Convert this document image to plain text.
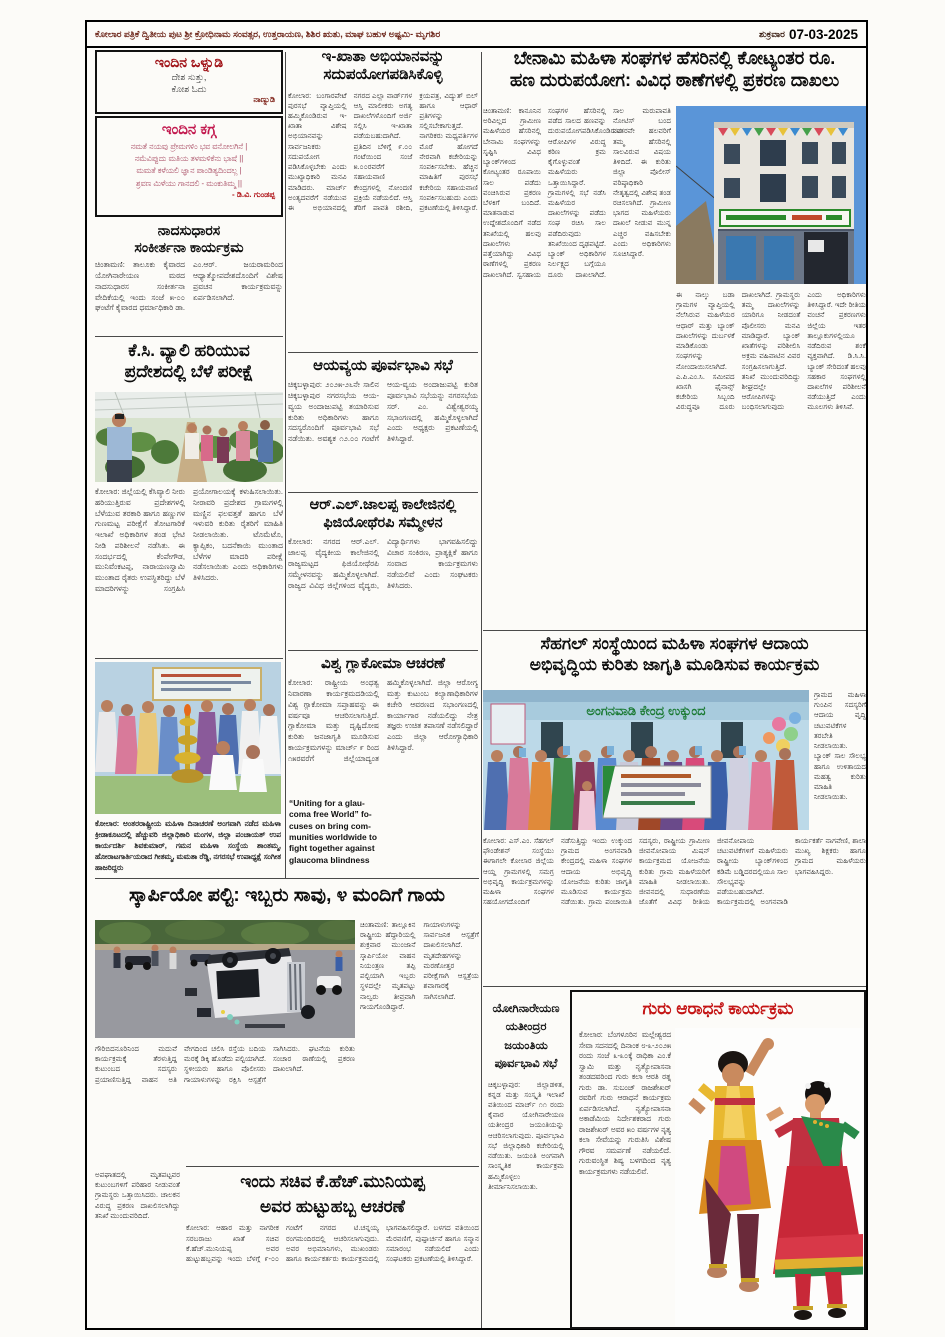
ಕೋಲಾರ ಪತ್ರಿಕೆ ದ್ವಿತೀಯ ಪುಟ ಶ್ರೀ ಕ್ರೋಧಿನಾಮ ಸಂವತ್ಸರ, ಉತ್ತರಾಯಣ, ಶಿಶಿರ ಋತು, ಮಾಘ ಬಹುಳ ಅಷ್ಟಮಿ- ಮೃಗಶಿರ	ಶುಕ್ರವಾರ 07-03-2025
ಇಂದಿನ ಒಳ್ನುಡಿ
ದೇಶ ಸುತ್ತು,
ಕೋಶ ಓದು
ನಾಣ್ನುಡಿ
ಇಂದಿನ ಕಗ್ಗ
ನಮತೆ ನಯವು ಪ್ರೇಮಗಳಿಂ ಭವ ವನೋಲಗಿನೆ |
ನಮೆವಿಪ್ಪುದು ಮತಿಯ ತಳಮಳಿಕೆನು ಭಾಷೆ ||
ಮಮತೆ ಕಳೆಯಲಿ ಜ್ಞಾನ ಪಾಂಡಿತ್ಯದಿಂದಲ್ಲ |
ಶ್ರವಣ ಮಿಳೆಯು ಗಾನದಲಿ - ಮಂಕುತಿಮ್ಮ ||
- ಡಿ.ವಿ. ಗುಂಡಪ್ಪ
ನಾದಸುಧಾರಸ
ಸಂಕೀರ್ತನಾ ಕಾರ್ಯಕ್ರಮ
ಚಿಂತಾಮಣಿ: ತಾಲೂಕು ಕೈವಾರದ ಯೋಗಿನಾರೇಯಣ ಮಠದ ನಾದಸುಧಾರಸ ಸಂಕೀರ್ತನಾ ವೇದಿಕೆಯಲ್ಲಿ ಇಂದು ಸಂಜೆ ೫-೦೦ ಘಂಟೆಗೆ ಕೈವಾರದ ಧರ್ಮಾಧಿಕಾರಿ ಡಾ. ಎಂ.ಆರ್. ಜಯರಾಮರಿಂದ ಆಧ್ಯಾತ್ಮೋಪದೇಶದೊಂದಿಗೆ ವಿಶೇಷ ಪ್ರವಚನ ಕಾರ್ಯಕ್ರಮವನ್ನು ಏರ್ಪಡಿಸಲಾಗಿದೆ.
ಕೆ.ಸಿ. ವ್ಯಾಲಿ ಹರಿಯುವ
ಪ್ರದೇಶದಲ್ಲಿ ಬೆಳೆ ಪರೀಕ್ಷೆ
ಕೋಲಾರ: ಜಿಲ್ಲೆಯಲ್ಲಿ ಕೆಸಿವ್ಯಾಲಿ ನೀರು ಹರಿಯುತ್ತಿರುವ ಪ್ರದೇಶಗಳಲ್ಲಿ ಬೆಳೆಯುವ ತರಕಾರಿ ಹಾಗೂ ಹಣ್ಣುಗಳ ಗುಣಮಟ್ಟ ಪರೀಕ್ಷೆಗೆ ತೋಟಗಾರಿಕೆ ಇಲಾಖೆ ಅಧಿಕಾರಿಗಳ ತಂಡ ಭೇಟಿ ನೀಡಿ ಪರಿಶೀಲನೆ ನಡೆಸಿತು. ಈ ಸಂದರ್ಭದಲ್ಲಿ ಕೆಂಪೇಗೌಡ, ಮುನಿವೆಂಕಟಪ್ಪ, ನಾರಾಯಣಸ್ವಾಮಿ ಮುಂತಾದ ರೈತರು ಉಪಸ್ಥಿತರಿದ್ದು ಬೆಳೆ ಮಾದರಿಗಳನ್ನು ಸಂಗ್ರಹಿಸಿ ಪ್ರಯೋಗಾಲಯಕ್ಕೆ ಕಳುಹಿಸಲಾಯಿತು. ನೀರಾವರಿ ಪ್ರದೇಶದ ಗ್ರಾಮಗಳಲ್ಲಿ ಮಣ್ಣಿನ ಫಲವತ್ತತೆ ಹಾಗೂ ಬೆಳೆ ಇಳುವರಿ ಕುರಿತು ರೈತರಿಗೆ ಮಾಹಿತಿ ನೀಡಲಾಯಿತು. ಟೊಮೆಟೊ, ಕ್ಯಾಪ್ಸಿಕಂ, ಬದನೆಕಾಯಿ ಮುಂತಾದ ಬೆಳೆಗಳ ಮಾದರಿ ಪರೀಕ್ಷೆ ನಡೆಸಲಾಯಿತು ಎಂದು ಅಧಿಕಾರಿಗಳು ತಿಳಿಸಿದರು.
ಕೋಲಾರ: ಅಂತರರಾಷ್ಟ್ರೀಯ ಮಹಿಳಾ ದಿನಾಚರಣೆ ಅಂಗವಾಗಿ ನಡೆದ ಮಹಿಳಾ ಕ್ರೀಡಾಕೂಟದಲ್ಲಿ ಹೆಚ್ಚುವರಿ ಜಿಲ್ಲಾಧಿಕಾರಿ ಮಂಗಳ, ಜಿಲ್ಲಾ ಪಂಚಾಯತ್ ಉಪ ಕಾರ್ಯದರ್ಶಿ ಶಿವಕುಮಾರ್, ಗಮನ ಮಹಿಳಾ ಸಂಸ್ಥೆಯ ಶಾಂತಮ್ಮ, ಹೋರಾಟಗಾರ್ತಿಯರಾದ ಗೀತಮ್ಮ, ಮಮತಾ ರೆಡ್ಡಿ, ನಗರಸಭೆ ಉಪಾಧ್ಯಕ್ಷೆ ಸಂಗೀತ ಹಾಜರಿದ್ದರು
ಇ-ಖಾತಾ ಅಭಿಯಾನವನ್ನು
ಸದುಪಯೋಗಪಡಿಸಿಕೊಳ್ಳಿ
ಕೋಲಾರ: ಬಂಗಾರಪೇಟೆ ಪುರಸಭೆ ವ್ಯಾಪ್ತಿಯಲ್ಲಿ ಹಮ್ಮಿಕೊಂಡಿರುವ ಇ-ಖಾತಾ ವಿಶೇಷ ಅಭಿಯಾನವನ್ನು ಸಾರ್ವಜನಿಕರು ಸದುಪಯೋಗ ಪಡಿಸಿಕೊಳ್ಳಬೇಕು ಎಂದು ಮುಖ್ಯಾಧಿಕಾರಿ ಮನವಿ ಮಾಡಿದರು. ಮಾರ್ಚ್ ಅಂತ್ಯದವರೆಗೆ ನಡೆಯುವ ಈ ಅಭಿಯಾನದಲ್ಲಿ ನಗರದ ಎಲ್ಲಾ ವಾರ್ಡ್‌ಗಳ ಆಸ್ತಿ ಮಾಲೀಕರು ಅಗತ್ಯ ದಾಖಲೆಗಳೊಂದಿಗೆ ಅರ್ಜಿ ಸಲ್ಲಿಸಿ ಇ-ಖಾತಾ ಪಡೆಯಬಹುದಾಗಿದೆ. ಪ್ರತಿದಿನ ಬೆಳಿಗ್ಗೆ ೯.೦೦ ಗಂಟೆಯಿಂದ ಸಂಜೆ ೫.೦೦ರವರೆಗೆ ಸಹಾಯವಾಣಿ ಕೇಂದ್ರಗಳಲ್ಲಿ ನೋಂದಣಿ ಪ್ರಕ್ರಿಯೆ ನಡೆಯಲಿದೆ. ಆಸ್ತಿ ತೆರಿಗೆ ಪಾವತಿ ರಶೀದಿ, ಕ್ರಯಪತ್ರ, ವಿದ್ಯುತ್ ಬಿಲ್ ಹಾಗೂ ಆಧಾರ್ ಪ್ರತಿಗಳನ್ನು ಸಲ್ಲಿಸಬೇಕಾಗುತ್ತದೆ. ನಾಗರಿಕರು ಮಧ್ಯವರ್ತಿಗಳ ಮೊರೆ ಹೋಗದೆ ನೇರವಾಗಿ ಕಚೇರಿಯನ್ನು ಸಂಪರ್ಕಿಸಬೇಕು. ಹೆಚ್ಚಿನ ಮಾಹಿತಿಗೆ ಪುರಸಭೆ ಕಚೇರಿಯ ಸಹಾಯವಾಣಿ ಸಂಪರ್ಕಿಸಬಹುದು ಎಂದು ಪ್ರಕಟಣೆಯಲ್ಲಿ ತಿಳಿಸಿದ್ದಾರೆ.
ಆಯವ್ಯಯ ಪೂರ್ವಭಾವಿ ಸಭೆ
ಚಿಕ್ಕಬಳ್ಳಾಪುರ: ೨೦೨೫-೨೬ನೇ ಸಾಲಿನ ಚಿಕ್ಕಬಳ್ಳಾಪುರ ನಗರಸಭೆಯ ಆಯ-ವ್ಯಯ ಅಂದಾಜುಪಟ್ಟಿ ತಯಾರಿಸುವ ಕುರಿತು ಅಧಿಕಾರಿಗಳು ಹಾಗೂ ಸದಸ್ಯರೊಂದಿಗೆ ಪೂರ್ವಭಾವಿ ಸಭೆ ನಡೆಯಿತು. ಅವಶ್ಯಕ ೧೨.೦೦ ಗಂಟೆಗೆ ಆಯ-ವ್ಯಯ ಅಂದಾಜುಪಟ್ಟಿ ಕುರಿತ ಪೂರ್ವಭಾವಿ ಸಭೆಯನ್ನು ನಗರಸಭೆಯ ಸರ್. ಎಂ. ವಿಶ್ವೇಶ್ವರಯ್ಯ ಸಭಾಂಗಣದಲ್ಲಿ ಹಮ್ಮಿಕೊಳ್ಳಲಾಗಿದೆ ಎಂದು ಅಧ್ಯಕ್ಷರು ಪ್ರಕಟಣೆಯಲ್ಲಿ ತಿಳಿಸಿದ್ದಾರೆ.
ಆರ್.ಎಲ್.ಜಾಲಪ್ಪ ಕಾಲೇಜಿನಲ್ಲಿ
ಫಿಜಿಯೋಥೆರಪಿ ಸಮ್ಮೇಳನ
ಕೋಲಾರ: ನಗರದ ಆರ್.ಎಲ್. ಜಾಲಪ್ಪ ವೈದ್ಯಕೀಯ ಕಾಲೇಜಿನಲ್ಲಿ ರಾಜ್ಯಮಟ್ಟದ ಫಿಜಿಯೋಥೆರಪಿ ಸಮ್ಮೇಳನವನ್ನು ಹಮ್ಮಿಕೊಳ್ಳಲಾಗಿದೆ. ರಾಜ್ಯದ ವಿವಿಧ ಜಿಲ್ಲೆಗಳಿಂದ ವೈದ್ಯರು, ವಿದ್ಯಾರ್ಥಿಗಳು ಭಾಗವಹಿಸಲಿದ್ದು ವಿಚಾರ ಸಂಕಿರಣ, ಪ್ರಾತ್ಯಕ್ಷಿಕೆ ಹಾಗೂ ಸಂವಾದ ಕಾರ್ಯಕ್ರಮಗಳು ನಡೆಯಲಿವೆ ಎಂದು ಸಂಘಟಕರು ತಿಳಿಸಿದರು.
ವಿಶ್ವ ಗ್ಲಾಕೋಮಾ ಆಚರಣೆ
ಕೋಲಾರ: ರಾಷ್ಟ್ರೀಯ ಅಂಧತ್ವ ನಿವಾರಣಾ ಕಾರ್ಯಕ್ರಮದಡಿಯಲ್ಲಿ ವಿಶ್ವ ಗ್ಲಾಕೋಮಾ ಸಪ್ತಾಹವನ್ನು ಈ ವರ್ಷವೂ ಆಚರಿಸಲಾಗುತ್ತಿದೆ. ಗ್ಲಾಕೋಮಾ ಮತ್ತು ದೃಷ್ಟಿದೋಷ ಕುರಿತು ಜನಜಾಗೃತಿ ಮೂಡಿಸುವ ಕಾರ್ಯಕ್ರಮಗಳನ್ನು ಮಾರ್ಚ್ ೯ ರಿಂದ ೧೫ರವರೆಗೆ ಜಿಲ್ಲೆಯಾದ್ಯಂತ ಹಮ್ಮಿಕೊಳ್ಳಲಾಗಿದೆ. ಜಿಲ್ಲಾ ಆರೋಗ್ಯ ಮತ್ತು ಕುಟುಂಬ ಕಲ್ಯಾಣಾಧಿಕಾರಿಗಳ ಕಚೇರಿ ಆವರಣದ ಸಭಾಂಗಣದಲ್ಲಿ ಕಾರ್ಯಾಗಾರ ನಡೆಯಲಿದ್ದು ನೇತ್ರ ತಜ್ಞರು ಉಚಿತ ತಪಾಸಣೆ ನಡೆಸಲಿದ್ದಾರೆ ಎಂದು ಜಿಲ್ಲಾ ಆರೋಗ್ಯಾಧಿಕಾರಿ ತಿಳಿಸಿದ್ದಾರೆ.
“Uniting for a glau-coma free World” fo-cuses on bring com-munities worldwide to fight together against glaucoma blindness
ಬೇನಾಮಿ ಮಹಿಳಾ ಸಂಘಗಳ ಹೆಸರಿನಲ್ಲಿ ಕೋಟ್ಯಂತರ ರೂ.
ಹಣ ದುರುಪಯೋಗ: ವಿವಿಧ ಠಾಣೆಗಳಲ್ಲಿ ಪ್ರಕರಣ ದಾಖಲು
ಚಿಂತಾಮಣಿ: ಕಾನೂನಿನ ಅರಿವಿಲ್ಲದ ಗ್ರಾಮೀಣ ಮಹಿಳೆಯರ ಹೆಸರಿನಲ್ಲಿ ಬೇನಾಮಿ ಸಂಘಗಳನ್ನು ಸೃಷ್ಟಿಸಿ ವಿವಿಧ ಬ್ಯಾಂಕ್‌ಗಳಿಂದ ಕೋಟ್ಯಂತರ ರೂಪಾಯಿ ಸಾಲ ಪಡೆದು ವಂಚಿಸಿರುವ ಪ್ರಕರಣ ಬೆಳಕಿಗೆ ಬಂದಿದೆ. ಮಾತನಾಡುವ ಉದ್ದೇಶದೊಂದಿಗೆ ನಡೆದ ತನಿಖೆಯಲ್ಲಿ ಹಲವು ದಾಖಲೆಗಳು ಪತ್ತೆಯಾಗಿದ್ದು ವಿವಿಧ ಠಾಣೆಗಳಲ್ಲಿ ಪ್ರಕರಣ ದಾಖಲಾಗಿದೆ. ಸ್ವಸಹಾಯ ಸಂಘಗಳ ಹೆಸರಿನಲ್ಲಿ ಪಡೆದ ಸಾಲದ ಹಣವನ್ನು ದುರುಪಯೋಗಪಡಿಸಿಕೊಂಡಿರುವ ಆರೋಪಿಗಳ ವಿರುದ್ಧ ಕಠಿಣ ಕ್ರಮ ಕೈಗೊಳ್ಳುವಂತೆ ಮಹಿಳೆಯರು ಒತ್ತಾಯಿಸಿದ್ದಾರೆ. ಗ್ರಾಮಗಳಲ್ಲಿ ಸಭೆ ನಡೆಸಿ ಮಹಿಳೆಯರ ದಾಖಲೆಗಳನ್ನು ಪಡೆದು ಸಂಘ ರಚಿಸಿ ಸಾಲ ಪಡೆದಿರುವುದು ತನಿಖೆಯಿಂದ ದೃಢಪಟ್ಟಿದೆ. ಬ್ಯಾಂಕ್ ಅಧಿಕಾರಿಗಳ ನಿರ್ಲಕ್ಷ್ಯದ ಬಗ್ಗೆಯೂ ದೂರು ದಾಖಲಾಗಿದೆ. ಸಾಲ ಮರುಪಾವತಿ ನೋಟಿಸ್ ಬಂದ ನಂತರವೇ ಹಲವರಿಗೆ ತಮ್ಮ ಹೆಸರಿನಲ್ಲಿ ಸಾಲವಿರುವ ವಿಷಯ ತಿಳಿದಿದೆ. ಈ ಕುರಿತು ಜಿಲ್ಲಾ ಪೊಲೀಸ್ ವರಿಷ್ಠಾಧಿಕಾರಿ ನೇತೃತ್ವದಲ್ಲಿ ವಿಶೇಷ ತಂಡ ರಚಿಸಲಾಗಿದೆ. ಗ್ರಾಮೀಣ ಭಾಗದ ಮಹಿಳೆಯರು ದಾಖಲೆ ನೀಡುವ ಮುನ್ನ ಎಚ್ಚರ ವಹಿಸಬೇಕು ಎಂದು ಅಧಿಕಾರಿಗಳು ಸೂಚಿಸಿದ್ದಾರೆ.
ಈ ನಾಲ್ಕು ಬಡಾ ಗ್ರಾಮಗಳ ವ್ಯಾಪ್ತಿಯಲ್ಲಿ ನೆಲೆಸಿರುವ ಮಹಿಳೆಯರ ಆಧಾರ್ ಮತ್ತು ಬ್ಯಾಂಕ್ ದಾಖಲೆಗಳನ್ನು ದುರ್ಬಳಕೆ ಮಾಡಿಕೊಂಡು ಸಂಘಗಳನ್ನು ನೋಂದಾಯಿಸಲಾಗಿದೆ. ಎ.ಪಿ.ಎಂ.ಸಿ. ಸಮೀಪದ ಖಾಸಗಿ ಫೈನಾನ್ಸ್ ಕಚೇರಿಯ ಸಿಬ್ಬಂದಿ ವಿರುದ್ಧವೂ ದೂರು ದಾಖಲಾಗಿದೆ. ಗ್ರಾಮಸ್ಥರು ತಮ್ಮ ದಾಖಲೆಗಳನ್ನು ಯಾರಿಗೂ ನೀಡದಂತೆ ಪೊಲೀಸರು ಮನವಿ ಮಾಡಿದ್ದಾರೆ. ಬ್ಯಾಂಕ್ ಖಾತೆಗಳನ್ನು ಪರಿಶೀಲಿಸಿ ಅಕ್ರಮ ವಹಿವಾಟಿನ ವಿವರ ಸಂಗ್ರಹಿಸಲಾಗುತ್ತಿದೆ. ತನಿಖೆ ಮುಂದುವರಿದಿದ್ದು ಶೀಘ್ರದಲ್ಲೇ ಆರೋಪಿಗಳನ್ನು ಬಂಧಿಸಲಾಗುವುದು ಎಂದು ಅಧಿಕಾರಿಗಳು ತಿಳಿಸಿದ್ದಾರೆ. ಇದೇ ರೀತಿಯ ವಂಚನೆ ಪ್ರಕರಣಗಳು ಜಿಲ್ಲೆಯ ಇತರ ತಾಲ್ಲೂಕುಗಳಲ್ಲಿಯೂ ನಡೆದಿರುವ ಶಂಕೆ ವ್ಯಕ್ತವಾಗಿದೆ. ಡಿ.ಸಿ.ಸಿ. ಬ್ಯಾಂಕ್ ಸೇರಿದಂತೆ ಹಲವು ಸಹಕಾರ ಸಂಘಗಳಲ್ಲಿ ದಾಖಲೆಗಳ ಪರಿಶೀಲನೆ ನಡೆಯುತ್ತಿದೆ ಎಂದು ಮೂಲಗಳು ತಿಳಿಸಿವೆ.
ಸೆಹಗಲ್ ಸಂಸ್ಥೆಯಿಂದ ಮಹಿಳಾ ಸಂಘಗಳ ಆದಾಯ
ಅಭಿವೃದ್ಧಿಯ ಕುರಿತು ಜಾಗೃತಿ ಮೂಡಿಸುವ ಕಾರ್ಯಕ್ರಮ
ಅಂಗನವಾಡಿ ಕೇಂದ್ರ ಉಕ್ಕುಂದ
ಗ್ರಾಮದ ಮಹಿಳಾ ಗುಂಪಿನ ಸದಸ್ಯರಿಗೆ ಆದಾಯ ವೃದ್ಧಿ ಚಟುವಟಿಕೆಗಳ ತರಬೇತಿ ನೀಡಲಾಯಿತು. ಬ್ಯಾಂಕ್ ಸಾಲ ಸೌಲಭ್ಯ ಹಾಗೂ ಉಳಿತಾಯದ ಮಹತ್ವ ಕುರಿತು ಮಾಹಿತಿ ನೀಡಲಾಯಿತು.
ಕೋಲಾರ: ಎಸ್.ಎಂ. ಸೆಹಗಲ್ ಫೌಂಡೇಶನ್ ಸಂಸ್ಥೆಯು ಈಗಾಗಲೇ ಕೋಲಾರ ಜಿಲ್ಲೆಯ ಆಯ್ದ ಗ್ರಾಮಗಳಲ್ಲಿ ಸಮಗ್ರ ಅಭಿವೃದ್ಧಿ ಕಾರ್ಯಕ್ರಮಗಳನ್ನು ಮಹಿಳಾ ಸಂಘಗಳ ಸಹಯೋಗದೊಂದಿಗೆ ನಡೆಸುತ್ತಿದ್ದು ಇಂದು ಉಕ್ಕುಂದ ಗ್ರಾಮದ ಅಂಗನವಾಡಿ ಕೇಂದ್ರದಲ್ಲಿ ಮಹಿಳಾ ಸಂಘಗಳ ಆದಾಯ ಅಭಿವೃದ್ಧಿ ಯೋಜನೆಯ ಕುರಿತು ಜಾಗೃತಿ ಮೂಡಿಸುವ ಕಾರ್ಯಕ್ರಮ ನಡೆಯಿತು. ಗ್ರಾಮ ಪಂಚಾಯಿತಿ ಸದಸ್ಯರು, ರಾಷ್ಟ್ರೀಯ ಗ್ರಾಮೀಣ ಜೀವನೋಪಾಯ ಮಿಷನ್ ಕಾರ್ಯಕ್ರಮದ ಯೋಜನೆಯ ಕುರಿತು ಗ್ರಾಮ ಮಹಿಳೆಯರಿಗೆ ಮಾಹಿತಿ ನೀಡಲಾಯಿತು. ಜೀವನದಲ್ಲಿ ಸುಧಾರಣೆಯ ಜೊತೆಗೆ ವಿವಿಧ ರೀತಿಯ ಜೀವನೋಪಾಯ ಚಟುವಟಿಕೆಗಳಿಗೆ ಮಹಿಳೆಯರು ರಾಷ್ಟ್ರೀಯ ಬ್ಯಾಂಕ್‌ಗಳಿಂದ ಕಡಿಮೆ ಬಡ್ಡಿದರದಲ್ಲಿಯೂ ಸಾಲ ಸೌಲಭ್ಯವನ್ನು ಪಡೆಯಬಹುದಾಗಿದೆ. ಕಾರ್ಯಕ್ರಮದಲ್ಲಿ ಅಂಗನವಾಡಿ ಕಾರ್ಯಕರ್ತೆ ನಾಗವೇಣಿ, ಶಾಲಾ ಮುಖ್ಯ ಶಿಕ್ಷಕರು ಹಾಗೂ ಗ್ರಾಮದ ಮಹಿಳೆಯರು ಭಾಗವಹಿಸಿದ್ದರು.
ಸ್ಕಾರ್ಪಿಯೋ ಪಲ್ಟಿ: ಇಬ್ಬರು ಸಾವು, ೪ ಮಂದಿಗೆ ಗಾಯ
ಚಿಂತಾಮಣಿ: ತಾಲ್ಲೂಕಿನ ರಾಷ್ಟ್ರೀಯ ಹೆದ್ದಾರಿಯಲ್ಲಿ ಶುಕ್ರವಾರ ಮುಂಜಾನೆ ಸ್ಕಾರ್ಪಿಯೋ ವಾಹನ ನಿಯಂತ್ರಣ ತಪ್ಪಿ ಪಲ್ಟಿಯಾಗಿ ಇಬ್ಬರು ಸ್ಥಳದಲ್ಲೇ ಮೃತಪಟ್ಟು ನಾಲ್ವರು ತೀವ್ರವಾಗಿ ಗಾಯಗೊಂಡಿದ್ದಾರೆ. ಗಾಯಾಳುಗಳನ್ನು ಸಾರ್ವಜನಿಕ ಆಸ್ಪತ್ರೆಗೆ ದಾಖಲಿಸಲಾಗಿದೆ. ಮೃತದೇಹಗಳನ್ನು ಮರಣೋತ್ತರ ಪರೀಕ್ಷೆಗಾಗಿ ಆಸ್ಪತ್ರೆಯ ಶವಾಗಾರಕ್ಕೆ ಸಾಗಿಸಲಾಗಿದೆ.
ಗೌರಿಬಿದನೂರಿನಿಂದ ಮದುವೆ ಕಾರ್ಯಕ್ರಮಕ್ಕೆ ತೆರಳುತ್ತಿದ್ದ ಕುಟುಂಬದ ಸದಸ್ಯರು ಪ್ರಯಾಣಿಸುತ್ತಿದ್ದ ವಾಹನ ಅತಿ ವೇಗದಿಂದ ಚಲಿಸಿ ರಸ್ತೆಯ ಬದಿಯ ಮರಕ್ಕೆ ಡಿಕ್ಕಿ ಹೊಡೆದು ಪಲ್ಟಿಯಾಗಿದೆ. ಸ್ಥಳೀಯರು ಹಾಗೂ ಪೊಲೀಸರು ಗಾಯಾಳುಗಳನ್ನು ರಕ್ಷಿಸಿ ಆಸ್ಪತ್ರೆಗೆ ಸಾಗಿಸಿದರು. ಘಟನೆಯ ಕುರಿತು ಸಂಚಾರ ಠಾಣೆಯಲ್ಲಿ ಪ್ರಕರಣ ದಾಖಲಾಗಿದೆ.
ಅಪಘಾತದಲ್ಲಿ ಮೃತಪಟ್ಟವರ ಕುಟುಂಬಗಳಿಗೆ ಪರಿಹಾರ ನೀಡುವಂತೆ ಗ್ರಾಮಸ್ಥರು ಒತ್ತಾಯಿಸಿದರು. ಚಾಲಕನ ವಿರುದ್ಧ ಪ್ರಕರಣ ದಾಖಲಿಸಲಾಗಿದ್ದು ತನಿಖೆ ಮುಂದುವರಿದಿದೆ.
ಇಂದು ಸಚಿವ ಕೆ.ಹೆಚ್.ಮುನಿಯಪ್ಪ
ಅವರ ಹುಟ್ಟುಹಬ್ಬ ಆಚರಣೆ
ಕೋಲಾರ: ಆಹಾರ ಮತ್ತು ನಾಗರೀಕ ಸರಬರಾಜು ಖಾತೆ ಸಚಿವ ಕೆ.ಹೆಚ್.ಮುನಿಯಪ್ಪ ಅವರ ಹುಟ್ಟುಹಬ್ಬವನ್ನು ಇಂದು ಬೆಳಗ್ಗೆ ೯-೦೦ ಗಂಟೆಗೆ ನಗರದ ಟಿ.ಚನ್ನಯ್ಯ ರಂಗಮಂದಿರದಲ್ಲಿ ಆಚರಿಸಲಾಗುವುದು. ಅವರ ಅಭಿಮಾನಿಗಳು, ಮುಖಂಡರು ಹಾಗೂ ಕಾರ್ಯಕರ್ತರು ಕಾರ್ಯಕ್ರಮದಲ್ಲಿ ಭಾಗವಹಿಸಲಿದ್ದಾರೆ. ಬಳಗದ ವತಿಯಿಂದ ಮೆರವಣಿಗೆ, ಪುಷ್ಪಾರ್ಚನೆ ಹಾಗೂ ಸನ್ಮಾನ ಸಮಾರಂಭ ನಡೆಯಲಿದೆ ಎಂದು ಸಂಘಟಕರು ಪ್ರಕಟಣೆಯಲ್ಲಿ ತಿಳಿಸಿದ್ದಾರೆ.
ಯೋಗಿನಾರೇಯಣ
ಯತೀಂದ್ರರ
ಜಯಂತಿಯ
ಪೂರ್ವಭಾವಿ ಸಭೆ
ಚಿಕ್ಕಬಳ್ಳಾಪುರ: ಜಿಲ್ಲಾಡಳಿತ, ಕನ್ನಡ ಮತ್ತು ಸಂಸ್ಕೃತಿ ಇಲಾಖೆ ವತಿಯಿಂದ ಮಾರ್ಚ್ ೧೧ ರಂದು ಕೈವಾರ ಯೋಗಿನಾರೇಯಣ ಯತೀಂದ್ರರ ಜಯಂತಿಯನ್ನು ಆಚರಿಸಲಾಗುವುದು. ಪೂರ್ವಭಾವಿ ಸಭೆ ಜಿಲ್ಲಾಧಿಕಾರಿ ಕಚೇರಿಯಲ್ಲಿ ನಡೆಯಿತು. ಜಯಂತಿ ಅಂಗವಾಗಿ ಸಾಂಸ್ಕೃತಿಕ ಕಾರ್ಯಕ್ರಮ ಹಮ್ಮಿಕೊಳ್ಳಲು ತೀರ್ಮಾನಿಸಲಾಯಿತು.
ಗುರು ಆರಾಧನೆ ಕಾರ್ಯಕ್ರಮ
ಕೋಲಾರ: ಬೆಂಗಳೂರಿನ ಮಲ್ಲೇಶ್ವರದ ಸೇವಾ ಸದನದಲ್ಲಿ ದಿನಾಂಕ ೮-೩-೨೦೨೫ ರಂದು ಸಂಜೆ ೩-೩೦ಕ್ಕೆ ರಾಧಿಕಾ ಎಂ.ಕೆ ಸ್ವಾಮಿ ಮತ್ತು ನೃತ್ಯೋಪಾಸನಾ ತಂಡದವರಿಂದ ಗುರು ಕಲಾ ಆರತಿ ರತ್ನ ಗುರು ಡಾ. ಸುಬಂಜ್ ರಾಜಶೇಖರ್ ರವರಿಗೆ ಗುರು ಆರಾಧನೆ ಕಾರ್ಯಕ್ರಮ ಏರ್ಪಡಿಸಲಾಗಿದೆ. ನೃತ್ಯೋಪಾಸನಾ ಅಕಾಡೆಮಿಯ ನಿರ್ದೇಶಕರಾದ ಗುರು ರಾಜಶೇಖರ್ ಅವರ ೫೦ ವರ್ಷಗಳ ನೃತ್ಯ ಕಲಾ ಸೇವೆಯನ್ನು ಗುರುತಿಸಿ ವಿಶೇಷ ಗೌರವ ಸಮರ್ಪಣೆ ನಡೆಯಲಿದೆ. ಗುರುವಂಸ್ಥಿತ ಶಿಷ್ಯ ಬಳಗದಿಂದ ನೃತ್ಯ ಕಾರ್ಯಕ್ರಮಗಳು ನಡೆಯಲಿವೆ.
